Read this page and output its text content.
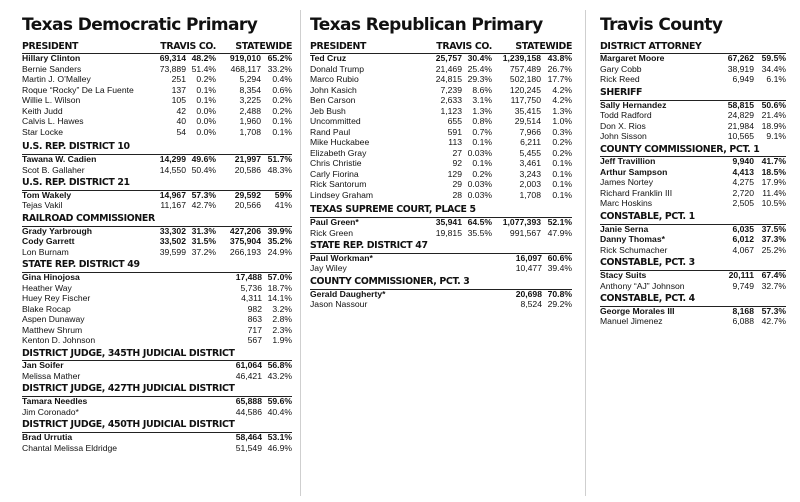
Texas Democratic Primary
PRESIDENT	TRAVIS CO.	STATEWIDE
Hillary Clinton	69,314 48.2%	919,010 65.2%
Bernie Sanders	73,889 51.4%	468,117 33.2%
Martin J. O’Malley	251	0.2%	5,294	0.4%
Roque “Rocky” De La Fuente	137	0.1%	8,354	0.6%
Willie L. Wilson	105	0.1%	3,225	0.2%
Keith Judd	42	0.0%	2,488	0.2%
Calvis L. Hawes	40	0.0%	1,960	0.1%
Star Locke	54	0.0%	1,708	0.1%
U.S. REP. DISTRICT 10
Tawana W. Cadien	14,299 49.6%	21,997 51.7%
Scot B. Gallaher	14,550 50.4%	20,586 48.3%
U.S. REP. DISTRICT 21
Tom Wakely	14,967 57.3%	29,592	59%
Tejas Vakil	11,167 42.7%	20,566	41%
RAILROAD COMMISSIONER
Grady Yarbrough	33,302 31.3%	427,206 39.9%
Cody Garrett	33,502 31.5%	375,904 35.2%
Lon Burnam	39,599 37.2%	266,193 24.9%
STATE REP. DISTRICT 49
Gina Hinojosa	17,488 57.0%
Heather Way	5,736 18.7%
Huey Rey Fischer	4,311 14.1%
Blake Rocap	982	3.2%
Aspen Dunaway	863	2.8%
Matthew Shrum	717	2.3%
Kenton D. Johnson	567	1.9%
DISTRICT JUDGE, 345TH JUDICIAL DISTRICT
Jan Soifer	61,064 56.8%
Melissa Mather	46,421 43.2%
DISTRICT JUDGE, 427TH JUDICIAL DISTRICT
Tamara Needles	65,888 59.6%
Jim Coronado*	44,586 40.4%
DISTRICT JUDGE, 450TH JUDICIAL DISTRICT
Brad Urrutia	58,464 53.1%
Chantal Melissa Eldridge	51,549 46.9%
Texas Republican Primary
PRESIDENT	TRAVIS CO.	STATEWIDE
Ted Cruz	25,757 30.4%	1,239,158 43.8%
Donald Trump	21,469 25.4%	757,489 26.7%
Marco Rubio	24,815 29.3%	502,180 17.7%
John Kasich	7,239	8.6%	120,245	4.2%
Ben Carson	2,633	3.1%	117,750	4.2%
Jeb Bush	1,123	1.3%	35,415	1.3%
Uncommitted	655	0.8%	29,514	1.0%
Rand Paul	591	0.7%	7,966	0.3%
Mike Huckabee	113	0.1%	6,211	0.2%
Elizabeth Gray	27 0.03%	5,455	0.2%
Chris Christie	92	0.1%	3,461	0.1%
Carly Fiorina	129	0.2%	3,243	0.1%
Rick Santorum	29 0.03%	2,003	0.1%
Lindsey Graham	28 0.03%	1,708	0.1%
TEXAS SUPREME COURT, PLACE 5
Paul Green*	35,941 64.5%	1,077,393 52.1%
Rick Green	19,815 35.5%	991,567 47.9%
STATE REP. DISTRICT 47
Paul Workman*	16,097 60.6%
Jay Wiley	10,477 39.4%
COUNTY COMMISSIONER, PCT. 3
Gerald Daugherty*	20,698 70.8%
Jason Nassour	8,524 29.2%
Travis County
DISTRICT ATTORNEY
Margaret Moore	67,262 59.5%
Gary Cobb	38,919 34.4%
Rick Reed	6,949	6.1%
SHERIFF
Sally Hernandez	58,815 50.6%
Todd Radford	24,829 21.4%
Don X. Rios	21,984 18.9%
John Sisson	10,565	9.1%
COUNTY COMMISSIONER, PCT. 1
Jeff Travillion	9,940 41.7%
Arthur Sampson	4,413 18.5%
James Nortey	4,275 17.9%
Richard Franklin III	2,720 11.4%
Marc Hoskins	2,505 10.5%
CONSTABLE, PCT. 1
Janie Serna	6,035 37.5%
Danny Thomas*	6,012 37.3%
Rick Schumacher	4,067 25.2%
CONSTABLE, PCT. 3
Stacy Suits	20,111 67.4%
Anthony “AJ” Johnson	9,749 32.7%
CONSTABLE, PCT. 4
George Morales III	8,168 57.3%
Manuel Jimenez	6,088 42.7%
